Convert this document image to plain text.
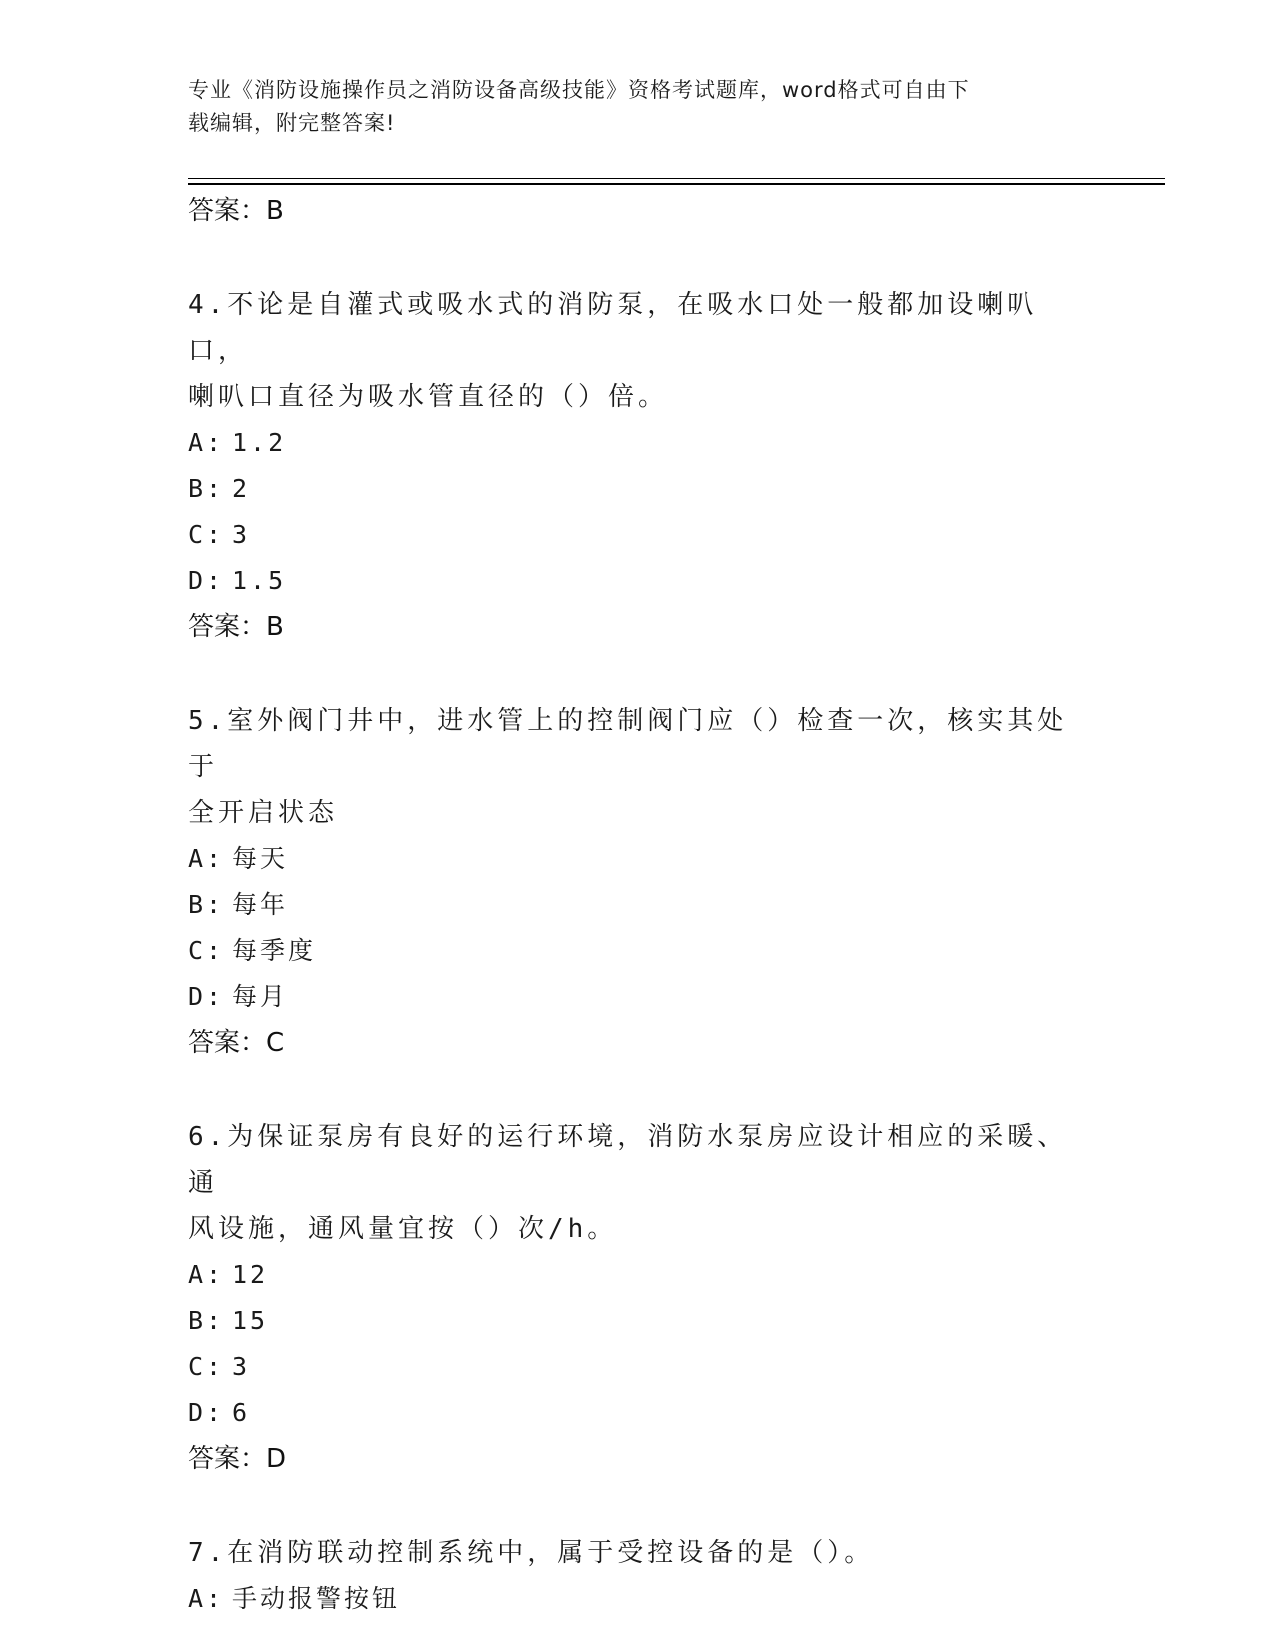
专业《消防设施操作员之消防设备高级技能》资格考试题库，word格式可自由下
载编辑，附完整答案!
答案：B
4.不论是自灌式或吸水式的消防泵，在吸水口处一般都加设喇叭口，
喇叭口直径为吸水管直径的（）倍。
A: 1.2
B: 2
C: 3
D: 1.5
答案：B
5.室外阀门井中，进水管上的控制阀门应（）检查一次，核实其处于
全开启状态
A: 每天
B: 每年
C: 每季度
D: 每月
答案：C
6.为保证泵房有良好的运行环境，消防水泵房应设计相应的采暖、通
风设施，通风量宜按（）次/h。
A: 12
B: 15
C: 3
D: 6
答案：D
7.在消防联动控制系统中，属于受控设备的是（）。
A: 手动报警按钮
